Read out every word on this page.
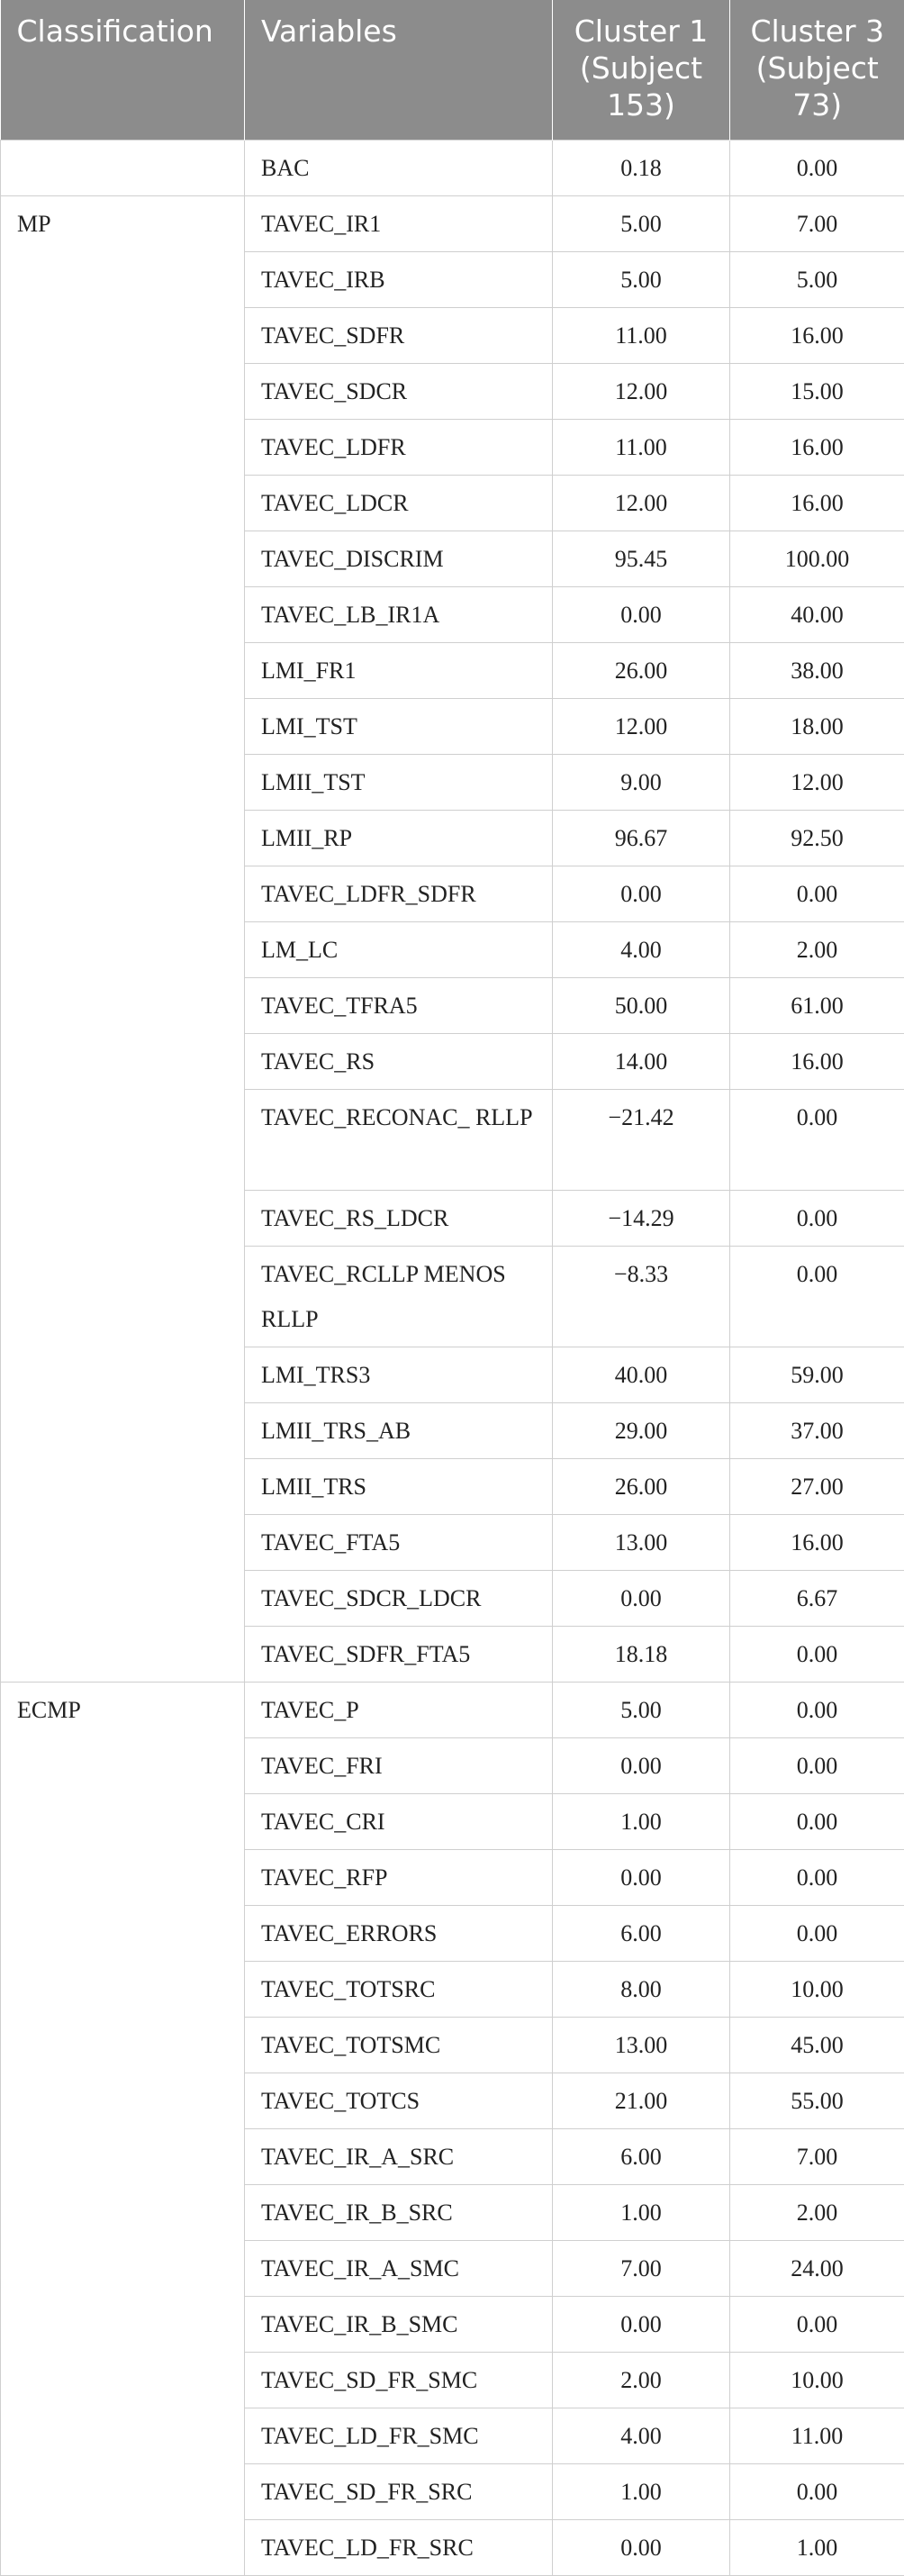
Classification	Variables	Cluster 1 (Subject 153)	Cluster 3 (Subject 73)
	BAC	0.18	0.00
MP	TAVEC_IR1	5.00	7.00
	TAVEC_IRB	5.00	5.00
	TAVEC_SDFR	11.00	16.00
	TAVEC_SDCR	12.00	15.00
	TAVEC_LDFR	11.00	16.00
	TAVEC_LDCR	12.00	16.00
	TAVEC_DISCRIM	95.45	100.00
	TAVEC_LB_IR1A	0.00	40.00
	LMI_FR1	26.00	38.00
	LMI_TST	12.00	18.00
	LMII_TST	9.00	12.00
	LMII_RP	96.67	92.50
	TAVEC_LDFR_SDFR	0.00	0.00
	LM_LC	4.00	2.00
	TAVEC_TFRA5	50.00	61.00
	TAVEC_RS	14.00	16.00
	TAVEC_RECONAC_ RLLP	−21.42	0.00
	TAVEC_RS_LDCR	−14.29	0.00
	TAVEC_RCLLP MENOS RLLP	−8.33	0.00
	LMI_TRS3	40.00	59.00
	LMII_TRS_AB	29.00	37.00
	LMII_TRS	26.00	27.00
	TAVEC_FTA5	13.00	16.00
	TAVEC_SDCR_LDCR	0.00	6.67
	TAVEC_SDFR_FTA5	18.18	0.00
ECMP	TAVEC_P	5.00	0.00
	TAVEC_FRI	0.00	0.00
	TAVEC_CRI	1.00	0.00
	TAVEC_RFP	0.00	0.00
	TAVEC_ERRORS	6.00	0.00
	TAVEC_TOTSRC	8.00	10.00
	TAVEC_TOTSMC	13.00	45.00
	TAVEC_TOTCS	21.00	55.00
	TAVEC_IR_A_SRC	6.00	7.00
	TAVEC_IR_B_SRC	1.00	2.00
	TAVEC_IR_A_SMC	7.00	24.00
	TAVEC_IR_B_SMC	0.00	0.00
	TAVEC_SD_FR_SMC	2.00	10.00
	TAVEC_LD_FR_SMC	4.00	11.00
	TAVEC_SD_FR_SRC	1.00	0.00
	TAVEC_LD_FR_SRC	0.00	1.00
